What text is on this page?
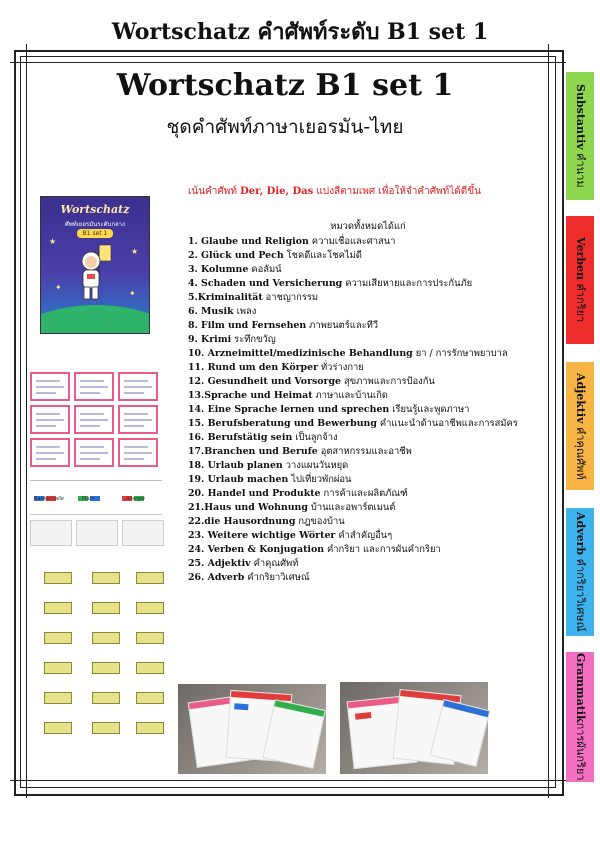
Wortschatz คำศัพท์ระดับ B1 set 1
Wortschatz B1 set 1
ชุดคำศัพท์ภาษาเยอรมัน-ไทย
เน้นคำศัพท์ Der, Die, Das แบ่งสีตามเพศ เพื่อให้จำคำศัพท์ได้ดีขึ้น
★
★
✦
✦
Wortschatz
ศัพท์เยอรมันระดับกลาง
B1 set 1
หมวดทั้งหมดได้แก่
1. Glaube und Religion ความเชื่อและศาสนา
2. Glück und Pech โชคดีและโชคไม่ดี
3. Kolumne คอลัมน์
4. Schaden und Versicherung ความเสียหายและการประกันภัย
5.Kriminalität อาชญากรรม
6. Musik เพลง
8. Film und Fernsehen ภาพยนตร์และทีวี
9. Krimi ระทึกขวัญ
10. Arzneimittel/medizinische Behandlung ยา / การรักษาพยาบาล
11. Rund um den Körper ทั่วร่างกาย
12. Gesundheit und Vorsorge สุขภาพและการป้องกัน
13.Sprache und Heimat ภาษาและบ้านเกิด
14. Eine Sprache lernen und sprechen เรียนรู้และพูดภาษา
15. Berufsberatung und Bewerbung คำแนะนำด้านอาชีพและการสมัคร
16. Berufstätig sein เป็นลูกจ้าง
17.Branchen und Berufe อุตสาหกรรมและอาชีพ
18. Urlaub planen วางแผนวันหยุด
19. Urlaub machen ไปเที่ยวพักผ่อน
20. Handel und Produkte การค้าและผลิตภัณฑ์
21.Haus und Wohnung บ้านและอพาร์ตเมนต์
22.die Hausordnung กฎของบ้าน
23. Weitere wichtige Wörter คำสำคัญอื่นๆ
24. Verben & Konjugation คำกริยา และการผันคำกริยา
25. Adjektiv คำคุณศัพท์
26. Adverb คำกริยาวิเศษณ์
Bankschalle	Marn	Allergie
Substantiv คำนาม
Verben คำกริยา
Adjektiv คำคุณศัพท์
Adverb คำกริยาวิเศษณ์
Grammatikการผันกริยา
